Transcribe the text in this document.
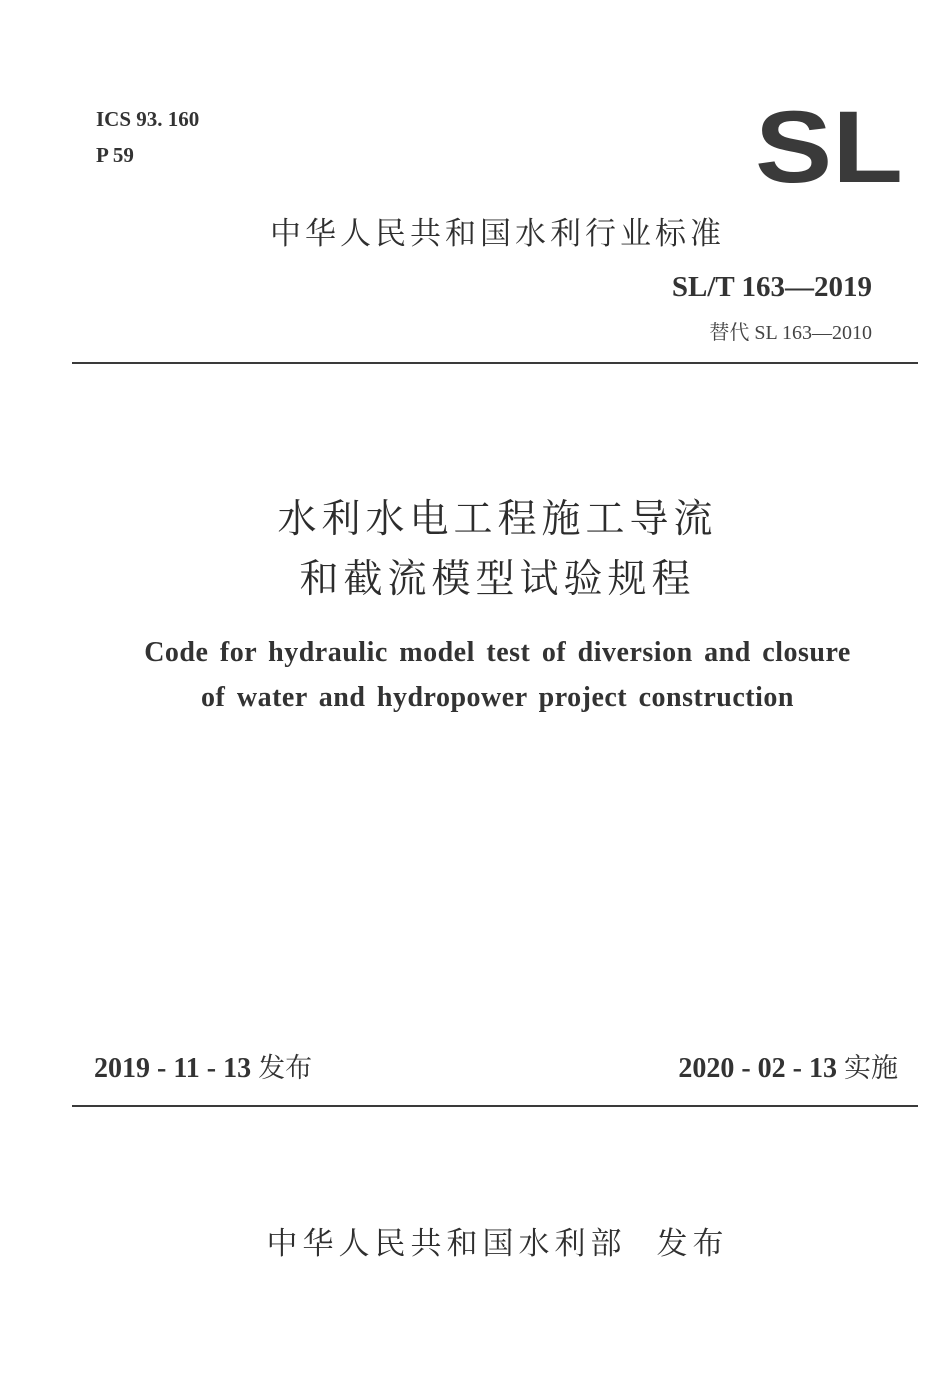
ICS 93. 160
P 59	SL
中华人民共和国水利行业标准
SL/T 163—2019
替代 SL 163—2010
水利水电工程施工导流
和截流模型试验规程
Code for hydraulic model test of diversion and closure
of water and hydropower project construction
2019 - 11 - 13 发布	2020 - 02 - 13 实施
中华人民共和国水利部 发布
